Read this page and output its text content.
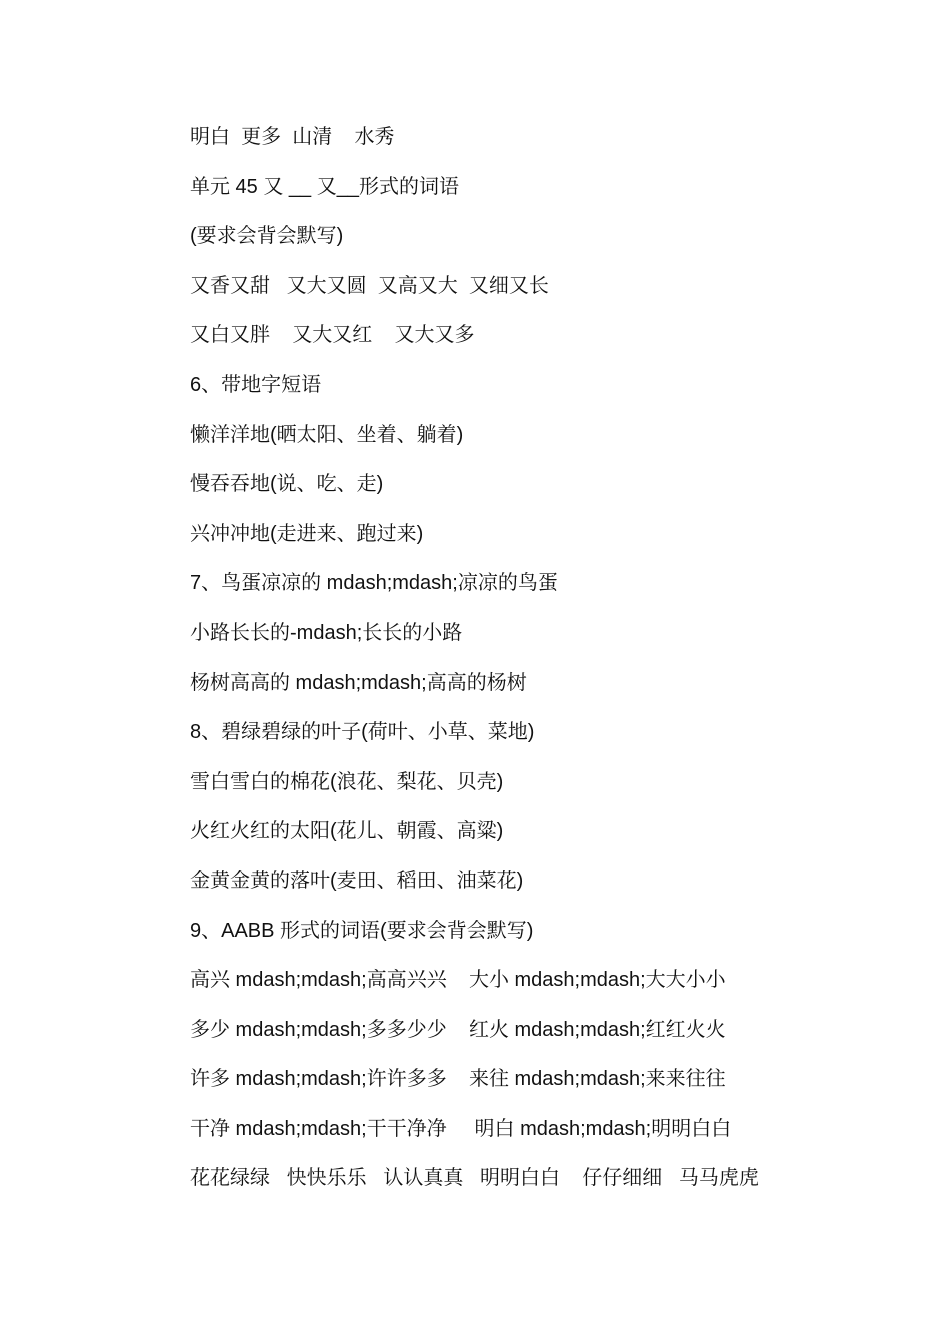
明白  更多  山清    水秀

单元 45 又 __ 又__形式的词语

(要求会背会默写)

又香又甜   又大又圆  又高又大  又细又长

又白又胖    又大又红    又大又多

6、带地字短语

懒洋洋地(晒太阳、坐着、躺着)

慢吞吞地(说、吃、走)

兴冲冲地(走进来、跑过来)

7、鸟蛋凉凉的 mdash;mdash;凉凉的鸟蛋

小路长长的-mdash;长长的小路

杨树高高的 mdash;mdash;高高的杨树

8、碧绿碧绿的叶子(荷叶、小草、菜地)

雪白雪白的棉花(浪花、梨花、贝壳)

火红火红的太阳(花儿、朝霞、高粱)

金黄金黄的落叶(麦田、稻田、油菜花)

9、AABB 形式的词语(要求会背会默写)

高兴 mdash;mdash;高高兴兴    大小 mdash;mdash;大大小小

多少 mdash;mdash;多多少少    红火 mdash;mdash;红红火火

许多 mdash;mdash;许许多多    来往 mdash;mdash;来来往往

干净 mdash;mdash;干干净净     明白 mdash;mdash;明明白白

花花绿绿   快快乐乐   认认真真   明明白白    仔仔细细   马马虎虎
